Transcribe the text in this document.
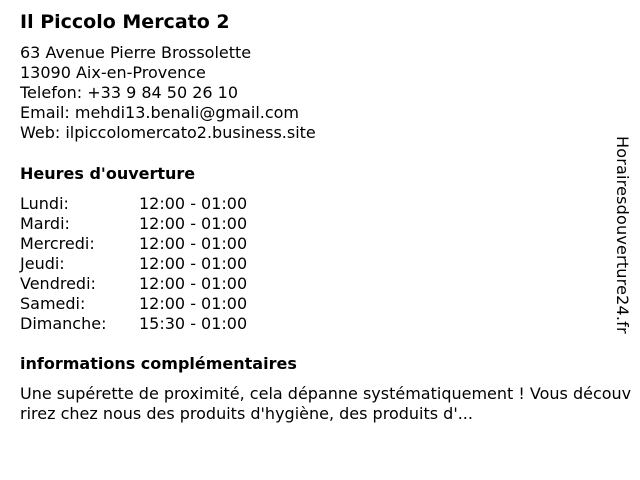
Il Piccolo Mercato 2
63 Avenue Pierre Brossolette
13090 Aix-en-Provence
Telefon: +33 9 84 50 26 10
Email: mehdi13.benali@gmail.com
Web: ilpiccolomercato2.business.site
Heures d'ouverture
Lundi:	12:00 - 01:00
Mardi:	12:00 - 01:00
Mercredi:	12:00 - 01:00
Jeudi:	12:00 - 01:00
Vendredi:	12:00 - 01:00
Samedi:	12:00 - 01:00
Dimanche:	15:30 - 01:00
informations complémentaires
Une supérette de proximité, cela dépanne systématiquement ! Vous découvrirez chez nous des produits d'hygiène, des produits d'...
Horairesdouverture24.fr
